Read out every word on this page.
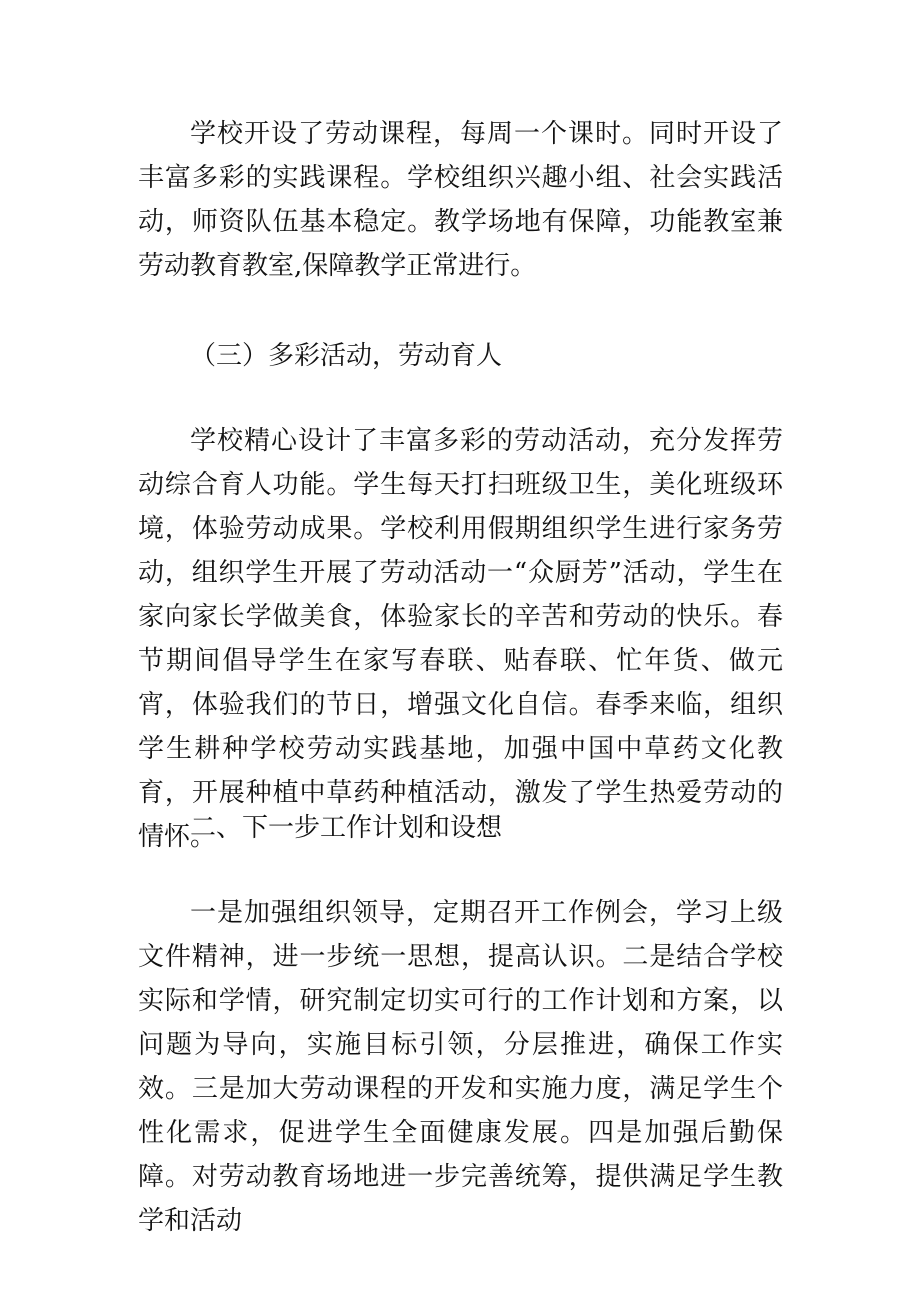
学校开设了劳动课程，每周一个课时。同时开设了丰富多彩的实践课程。学校组织兴趣小组、社会实践活动，师资队伍基本稳定。教学场地有保障，功能教室兼劳动教育教室,保障教学正常进行。

（三）多彩活动，劳动育人

学校精心设计了丰富多彩的劳动活动，充分发挥劳动综合育人功能。学生每天打扫班级卫生，美化班级环境，体验劳动成果。学校利用假期组织学生进行家务劳动，组织学生开展了劳动活动一“众厨芳”活动，学生在家向家长学做美食，体验家长的辛苦和劳动的快乐。春节期间倡导学生在家写春联、贴春联、忙年货、做元宵，体验我们的节日，增强文化自信。春季来临，组织学生耕种学校劳动实践基地，加强中国中草药文化教育，开展种植中草药种植活动，激发了学生热爱劳动的情怀。

二、下一步工作计划和设想

一是加强组织领导，定期召开工作例会，学习上级文件精神，进一步统一思想，提高认识。二是结合学校实际和学情，研究制定切实可行的工作计划和方案，以问题为导向，实施目标引领，分层推进，确保工作实效。三是加大劳动课程的开发和实施力度，满足学生个性化需求，促进学生全面健康发展。四是加强后勤保障。对劳动教育场地进一步完善统筹，提供满足学生教学和活动
